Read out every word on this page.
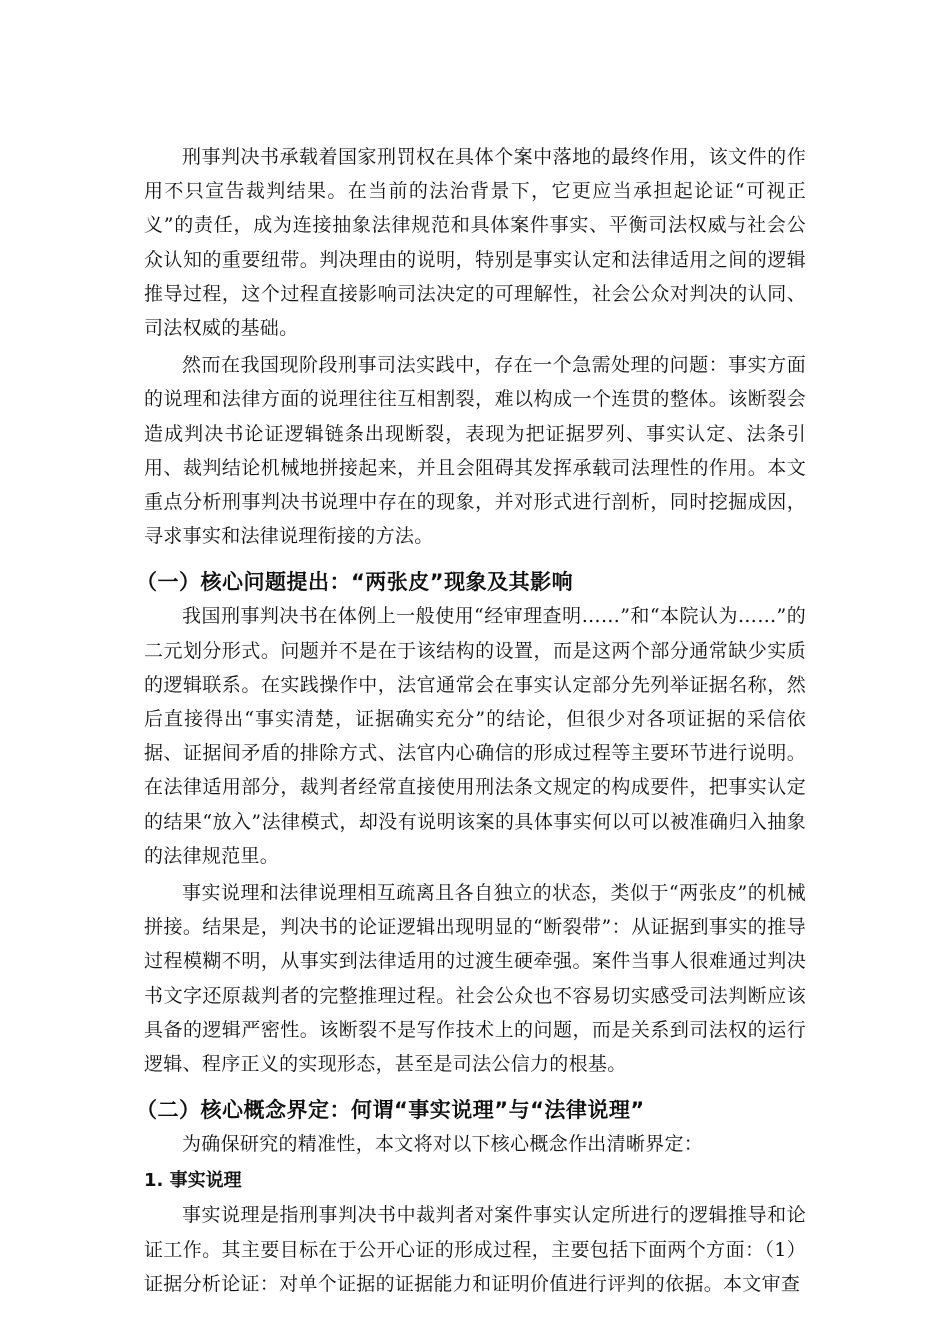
刑事判决书承载着国家刑罚权在具体个案中落地的最终作用，该文件的作用不只宣告裁判结果。在当前的法治背景下，它更应当承担起论证“可视正义”的责任，成为连接抽象法律规范和具体案件事实、平衡司法权威与社会公众认知的重要纽带。判决理由的说明，特别是事实认定和法律适用之间的逻辑推导过程，这个过程直接影响司法决定的可理解性，社会公众对判决的认同、司法权威的基础。

然而在我国现阶段刑事司法实践中，存在一个急需处理的问题：事实方面的说理和法律方面的说理往往互相割裂，难以构成一个连贯的整体。该断裂会造成判决书论证逻辑链条出现断裂，表现为把证据罗列、事实认定、法条引用、裁判结论机械地拼接起来，并且会阻碍其发挥承载司法理性的作用。本文重点分析刑事判决书说理中存在的现象，并对形式进行剖析，同时挖掘成因，寻求事实和法律说理衔接的方法。

（一）核心问题提出：“两张皮”现象及其影响

我国刑事判决书在体例上一般使用“经审理查明……”和“本院认为……”的二元划分形式。问题并不是在于该结构的设置，而是这两个部分通常缺少实质的逻辑联系。在实践操作中，法官通常会在事实认定部分先列举证据名称，然后直接得出“事实清楚，证据确实充分”的结论，但很少对各项证据的采信依据、证据间矛盾的排除方式、法官内心确信的形成过程等主要环节进行说明。在法律适用部分，裁判者经常直接使用刑法条文规定的构成要件，把事实认定的结果“放入”法律模式，却没有说明该案的具体事实何以可以被准确归入抽象的法律规范里。

事实说理和法律说理相互疏离且各自独立的状态，类似于“两张皮”的机械拼接。结果是，判决书的论证逻辑出现明显的“断裂带”：从证据到事实的推导过程模糊不明，从事实到法律适用的过渡生硬牵强。案件当事人很难通过判决书文字还原裁判者的完整推理过程。社会公众也不容易切实感受司法判断应该具备的逻辑严密性。该断裂不是写作技术上的问题，而是关系到司法权的运行逻辑、程序正义的实现形态，甚至是司法公信力的根基。

（二）核心概念界定：何谓“事实说理”与“法律说理”

为确保研究的精准性，本文将对以下核心概念作出清晰界定：

1. 事实说理

事实说理是指刑事判决书中裁判者对案件事实认定所进行的逻辑推导和论证工作。其主要目标在于公开心证的形成过程，主要包括下面两个方面：（1）证据分析论证：对单个证据的证据能力和证明价值进行评判的依据。本文审查
